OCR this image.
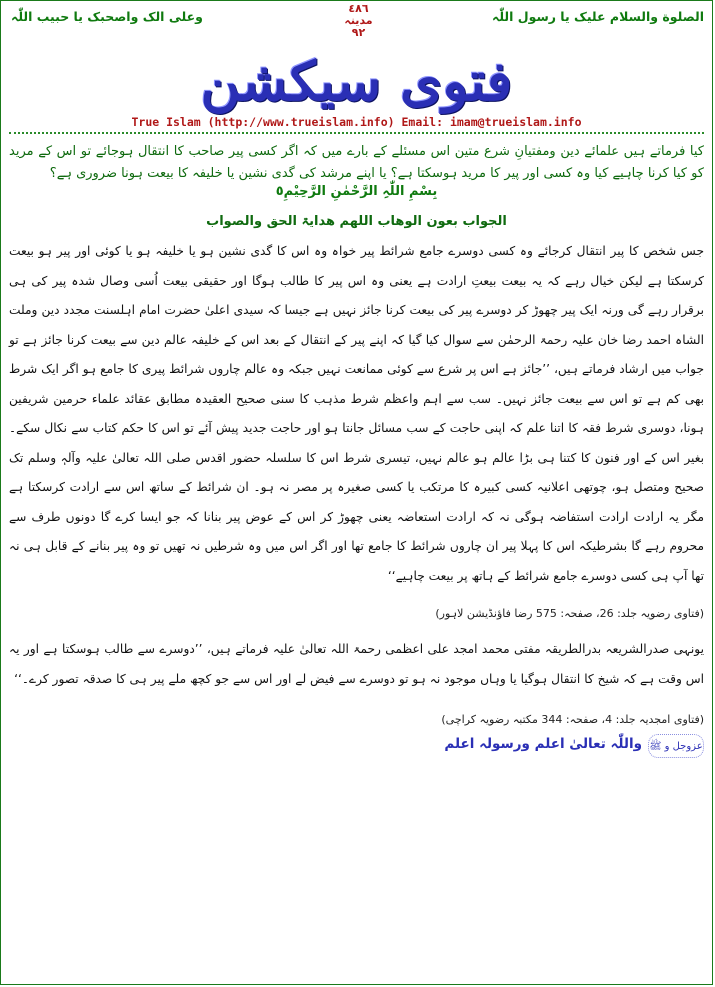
الصلوة والسلام علیک یا رسول اللّٰہ
٤٨٦
مدینہ
٩٢
وعلی الک واصحبک یا حبیب اللّٰہ
فتوی سیکشن
True Islam (http://www.trueislam.info) Email: imam@trueislam.info
کیا فرماتے ہیں علمائے دین ومفتیانِ شرع متین اس مسئلے کے بارے میں کہ اگر کسی پیر صاحب کا انتقال ہوجائے تو اس کے مرید کو کیا کرنا چاہیے کیا وہ کسی اور پیر کا مرید ہوسکتا ہے؟ یا اپنے مرشد کی گدی نشین یا خلیفہ کا بیعت ہونا ضروری ہے؟
بِسْمِ اللّٰہِ الرَّحْمٰنِ الرَّحِیْمِ٥
الجواب بعون الوھاب اللھم ھدایۃ الحق والصواب
جس شخص کا پیر انتقال کرجائے وہ کسی دوسرے جامع شرائط پیر خواہ وہ اس کا گدی نشین ہو یا خلیفہ ہو یا کوئی اور پیر ہو بیعت کرسکتا ہے لیکن خیال رہے کہ یہ بیعت بیعتِ ارادت ہے یعنی وہ اس پیر کا طالب ہوگا اور حقیقی بیعت اُسی وصال شدہ پیر کی ہی برقرار رہے گی ورنہ ایک پیر چھوڑ کر دوسرے پیر کی بیعت کرنا جائز نہیں ہے جیسا کہ سیدی اعلیٰ حضرت امام اہلسنت مجدد دین وملت الشاہ احمد رضا خان علیہ رحمۃ الرحمٰن سے سوال کیا گیا کہ اپنے پیر کے انتقال کے بعد اس کے خلیفہ عالم دین سے بیعت کرنا جائز ہے تو جواب میں ارشاد فرماتے ہیں، ’’جائز ہے اس پر شرع سے کوئی ممانعت نہیں جبکہ وہ عالم چاروں شرائط پیری کا جامع ہو اگر ایک شرط بھی کم ہے تو اس سے بیعت جائز نہیں۔ سب سے اہم واعظم شرط مذہب کا سنی صحیح العقیدہ مطابق عقائد علماء حرمین شریفین ہونا، دوسری شرط فقہ کا اتنا علم کہ اپنی حاجت کے سب مسائل جانتا ہو اور حاجت جدید پیش آئے تو اس کا حکم کتاب سے نکال سکے۔ بغیر اس کے اور فنون کا کتنا ہی بڑا عالم ہو عالم نہیں، تیسری شرط اس کا سلسلہ حضور اقدس صلی اللہ تعالیٰ علیہ وآلہٖ وسلم تک صحیح ومتصل ہو، چوتھی اعلانیہ کسی کبیرہ کا مرتکب یا کسی صغیرہ پر مصر نہ ہو۔ ان شرائط کے ساتھ اس سے ارادت کرسکتا ہے مگر یہ ارادت ارادت استفاضہ ہوگی نہ کہ ارادت استعاضہ یعنی چھوڑ کر اس کے عوض پیر بنانا کہ جو ایسا کرے گا دونوں طرف سے محروم رہے گا بشرطیکہ اس کا پہلا پیر ان چاروں شرائط کا جامع تھا اور اگر اس میں وہ شرطیں نہ تھیں تو وہ پیر بنانے کے قابل ہی نہ تھا آپ ہی کسی دوسرے جامع شرائط کے ہاتھ پر بیعت چاہیے‘‘
(فتاوی رضویہ جلد: 26، صفحہ: 575 رضا فاؤنڈیشن لاہور)
یونہی صدرالشریعہ بدرالطریقہ مفتی محمد امجد علی اعظمی رحمۃ اللہ تعالیٰ علیہ فرماتے ہیں، ’’دوسرے سے طالب ہوسکتا ہے اور یہ اس وقت ہے کہ شیخ کا انتقال ہوگیا یا وہاں موجود نہ ہو تو دوسرے سے فیض لے اور اس سے جو کچھ ملے پیر ہی کا صدقہ تصور کرے۔‘‘
(فتاوی امجدیہ جلد: 4، صفحہ: 344 مکتبہ رضویہ کراچی)
عزوجل و ﷺ
واللّٰہ تعالیٰ اعلم ورسولہ اعلم
